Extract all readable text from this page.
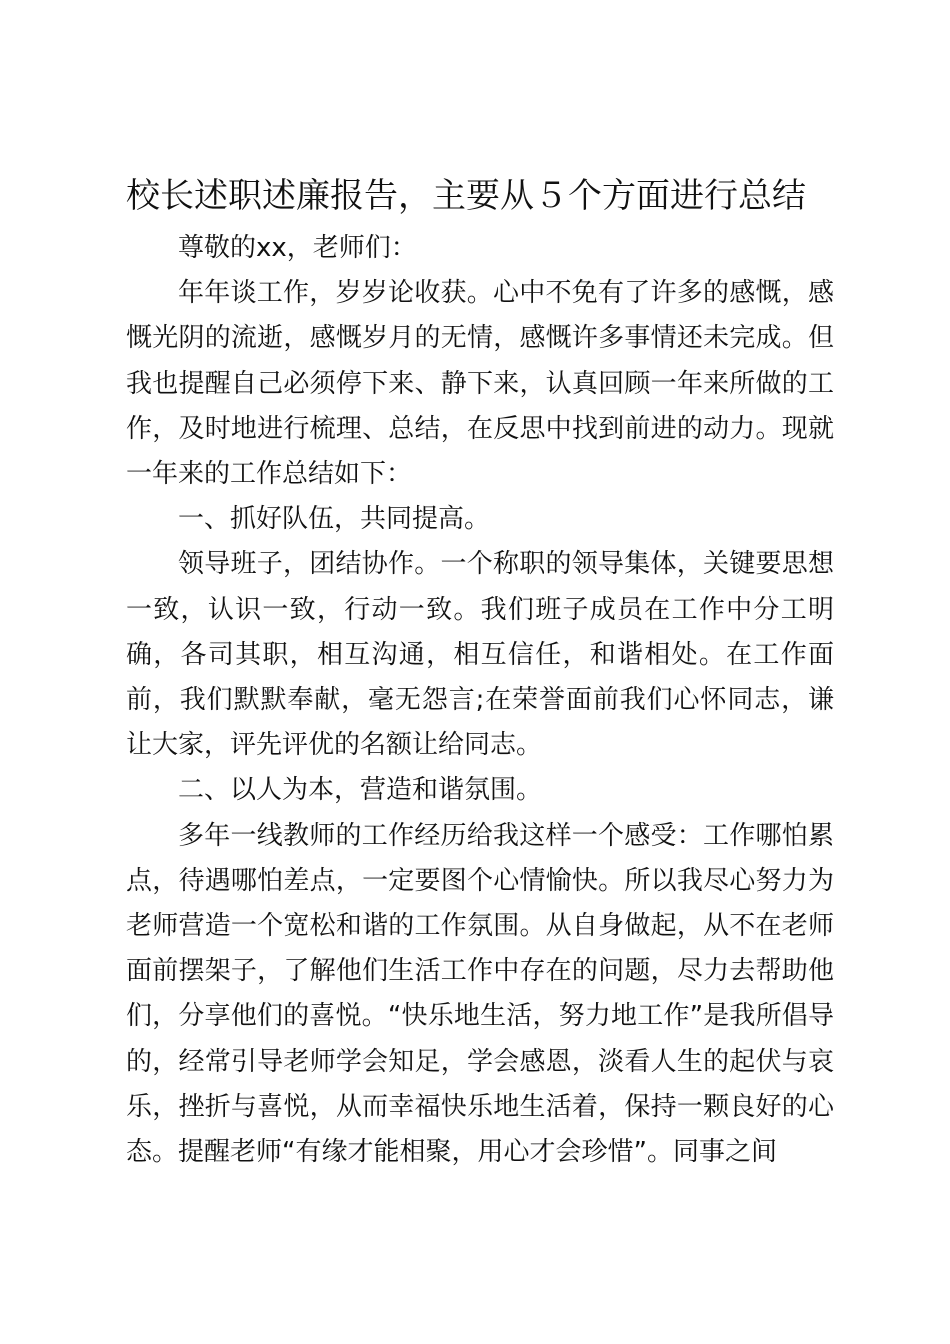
校长述职述廉报告，主要从５个方面进行总结

尊敬的xx，老师们：

年年谈工作，岁岁论收获。心中不免有了许多的感慨，感慨光阴的流逝，感慨岁月的无情，感慨许多事情还未完成。但我也提醒自己必须停下来、静下来，认真回顾一年来所做的工作，及时地进行梳理、总结，在反思中找到前进的动力。现就一年来的工作总结如下：

一、抓好队伍，共同提高。

领导班子，团结协作。一个称职的领导集体，关键要思想一致，认识一致，行动一致。我们班子成员在工作中分工明确，各司其职，相互沟通，相互信任，和谐相处。在工作面前，我们默默奉献，毫无怨言;在荣誉面前我们心怀同志，谦让大家，评先评优的名额让给同志。

二、以人为本，营造和谐氛围。

多年一线教师的工作经历给我这样一个感受：工作哪怕累点，待遇哪怕差点，一定要图个心情愉快。所以我尽心努力为老师营造一个宽松和谐的工作氛围。从自身做起，从不在老师面前摆架子，了解他们生活工作中存在的问题，尽力去帮助他们，分享他们的喜悦。“快乐地生活，努力地工作”是我所倡导的，经常引导老师学会知足，学会感恩，淡看人生的起伏与哀乐，挫折与喜悦，从而幸福快乐地生活着，保持一颗良好的心态。提醒老师“有缘才能相聚，用心才会珍惜”。同事之间
